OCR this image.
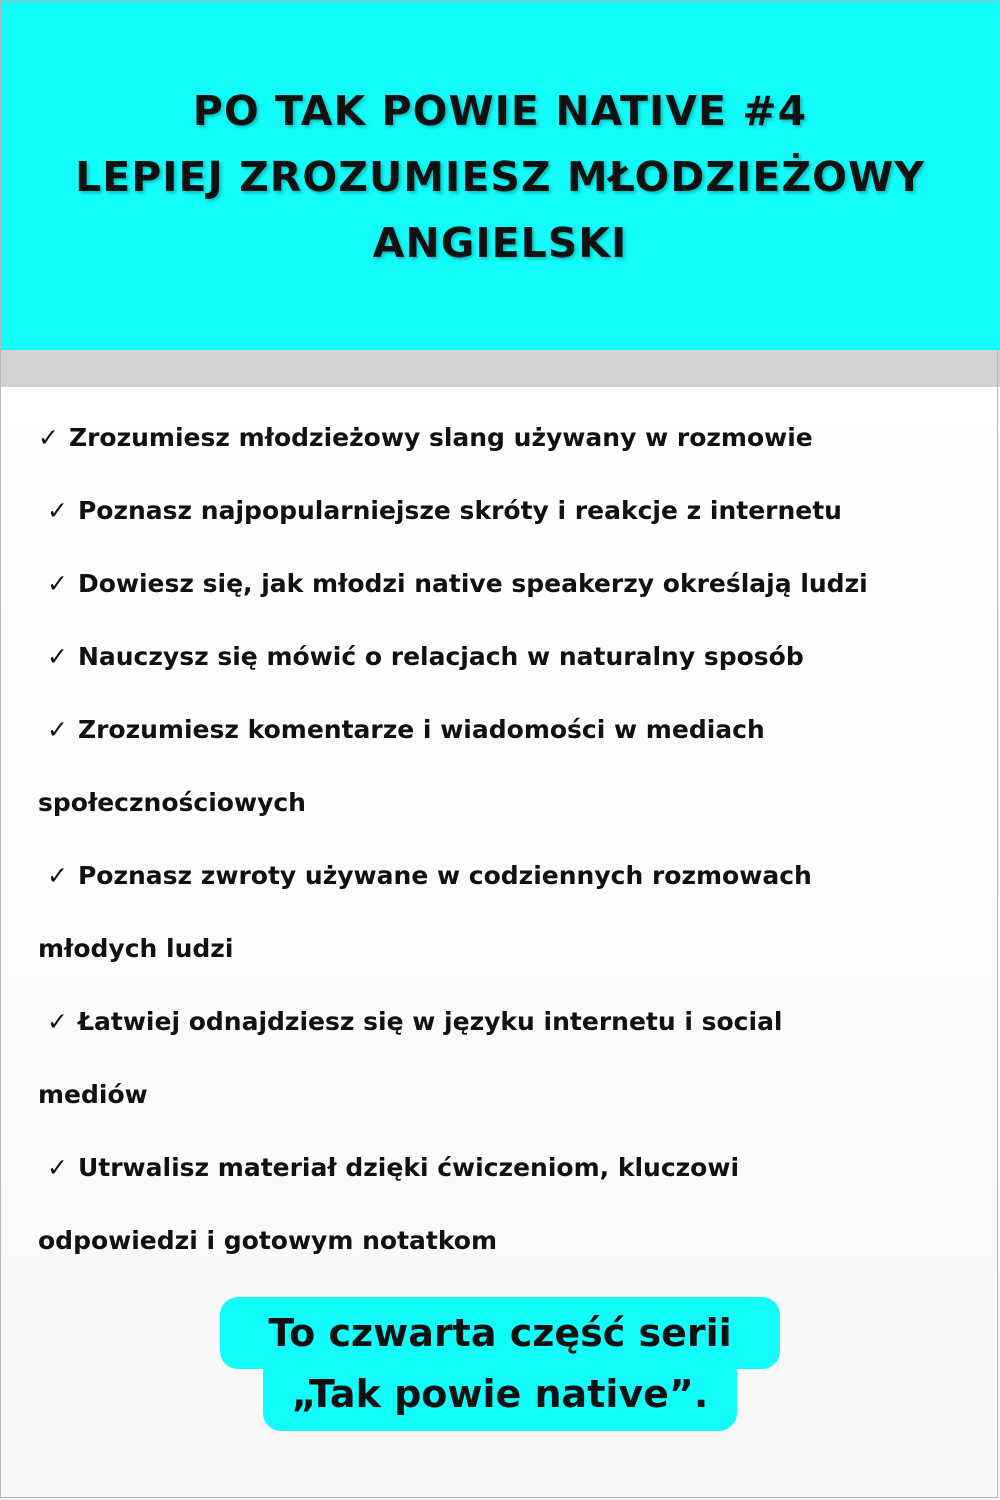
PO TAK POWIE NATIVE #4
LEPIEJ ZROZUMIESZ MŁODZIEŻOWY
ANGIELSKI
✓ Zrozumiesz młodzieżowy slang używany w rozmowie
✓ Poznasz najpopularniejsze skróty i reakcje z internetu
✓ Dowiesz się, jak młodzi native speakerzy określają ludzi
✓ Nauczysz się mówić o relacjach w naturalny sposób
✓ Zrozumiesz komentarze i wiadomości w mediach
społecznościowych
✓ Poznasz zwroty używane w codziennych rozmowach
młodych ludzi
✓ Łatwiej odnajdziesz się w języku internetu i social
mediów
✓ Utrwalisz materiał dzięki ćwiczeniom, kluczowi
odpowiedzi i gotowym notatkom
To czwarta część serii
„Tak powie native”.
